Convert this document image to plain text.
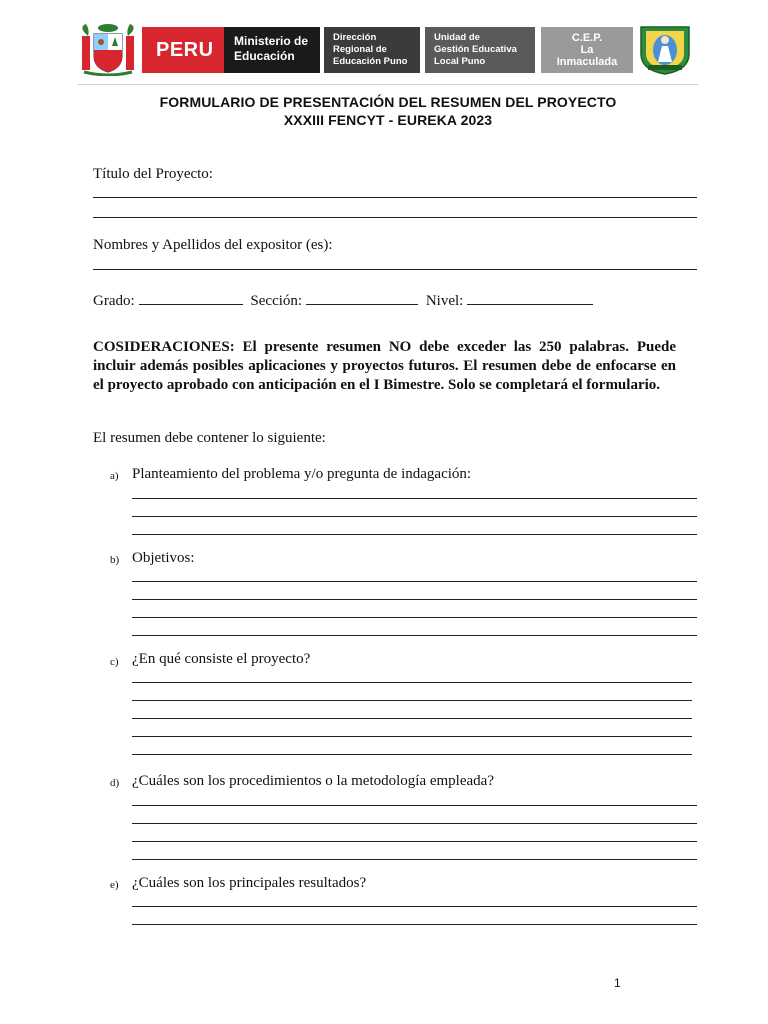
PERU	Ministerio de
Educación
Dirección
Regional de
Educación Puno
Unidad de
Gestión Educativa
Local Puno
C.E.P.
La
Inmaculada
FORMULARIO DE PRESENTACIÓN DEL RESUMEN DEL PROYECTO
XXXIII FENCYT - EUREKA 2023
Título del Proyecto:
Nombres y Apellidos del expositor (es):
Grado:	Sección:	Nivel:
COSIDERACIONES: El presente resumen NO debe exceder las 250 palabras. Puede incluir además posibles aplicaciones y proyectos futuros. El resumen debe de enfocarse en el proyecto aprobado con anticipación en el I Bimestre. Solo se completará el formulario.
El resumen debe contener lo siguiente:
a) Planteamiento del problema y/o pregunta de indagación:
b) Objetivos:
c) ¿En qué consiste el proyecto?
d) ¿Cuáles son los procedimientos o la metodología empleada?
e) ¿Cuáles son los principales resultados?
1
